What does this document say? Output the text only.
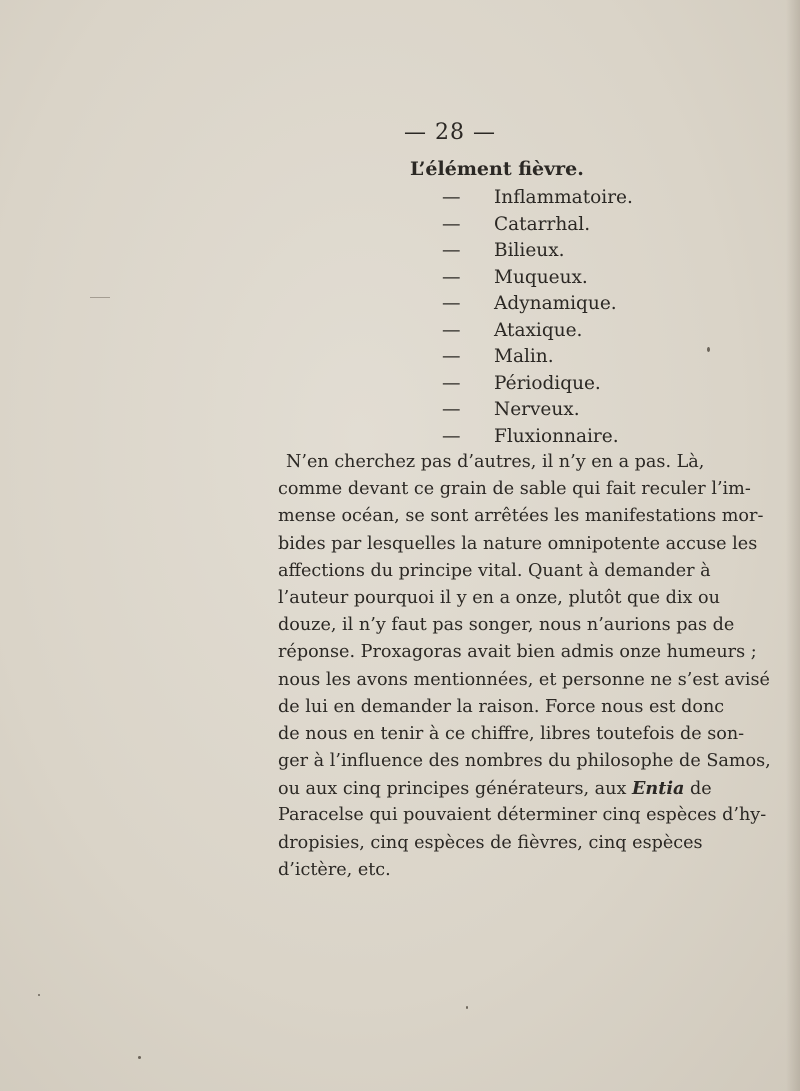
— 28 —
L’élément fièvre.
— Inflammatoire.
— Catarrhal.
— Bilieux.
— Muqueux.
— Adynamique.
— Ataxique.
— Malin.
— Périodique.
— Nerveux.
— Fluxionnaire.
N’en cherchez pas d’autres, il n’y en a pas. Là,
comme devant ce grain de sable qui fait reculer l’im-
mense océan, se sont arrêtées les manifestations mor-
bides par lesquelles la nature omnipotente accuse les
affections du principe vital. Quant à demander à
l’auteur pourquoi il y en a onze, plutôt que dix ou
douze, il n’y faut pas songer, nous n’aurions pas de
réponse. Proxagoras avait bien admis onze humeurs ;
nous les avons mentionnées, et personne ne s’est avisé
de lui en demander la raison. Force nous est donc
de nous en tenir à ce chiffre, libres toutefois de son-
ger à l’influence des nombres du philosophe de Samos,
ou aux cinq principes générateurs, aux Entia de
Paracelse qui pouvaient déterminer cinq espèces d’hy-
dropisies, cinq espèces de fièvres, cinq espèces
d’ictère, etc.
